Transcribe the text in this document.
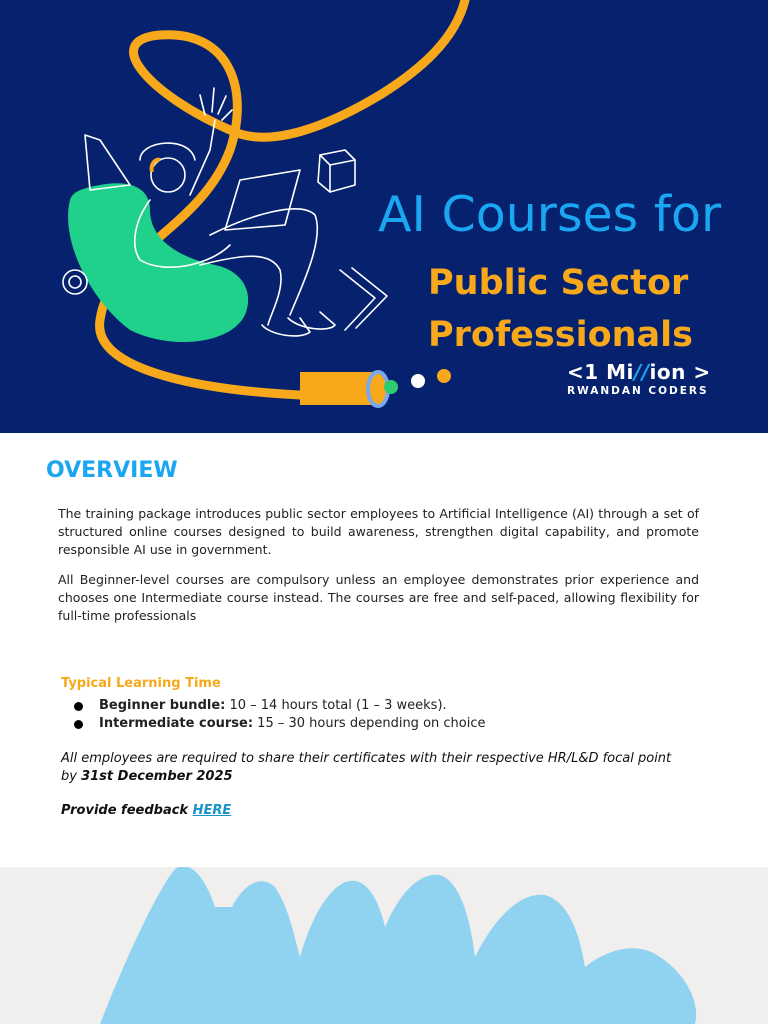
AI Courses for
Public Sector
Professionals
<1 Mi//ion >
RWANDAN CODERS
OVERVIEW

The training package introduces public sector employees to Artificial Intelligence (AI) through a set of structured online courses designed to build awareness, strengthen digital capability, and promote responsible AI use in government.

All Beginner-level courses are compulsory unless an employee demonstrates prior experience and chooses one Intermediate course instead. The courses are free and self-paced, allowing flexibility for full-time professionals

Typical Learning Time
Beginner bundle: 10 – 14 hours total (1 – 3 weeks).
Intermediate course: 15 – 30 hours depending on choice
All employees are required to share their certificates with their respective HR/L&D focal point by 31st December 2025
Provide feedback HERE
